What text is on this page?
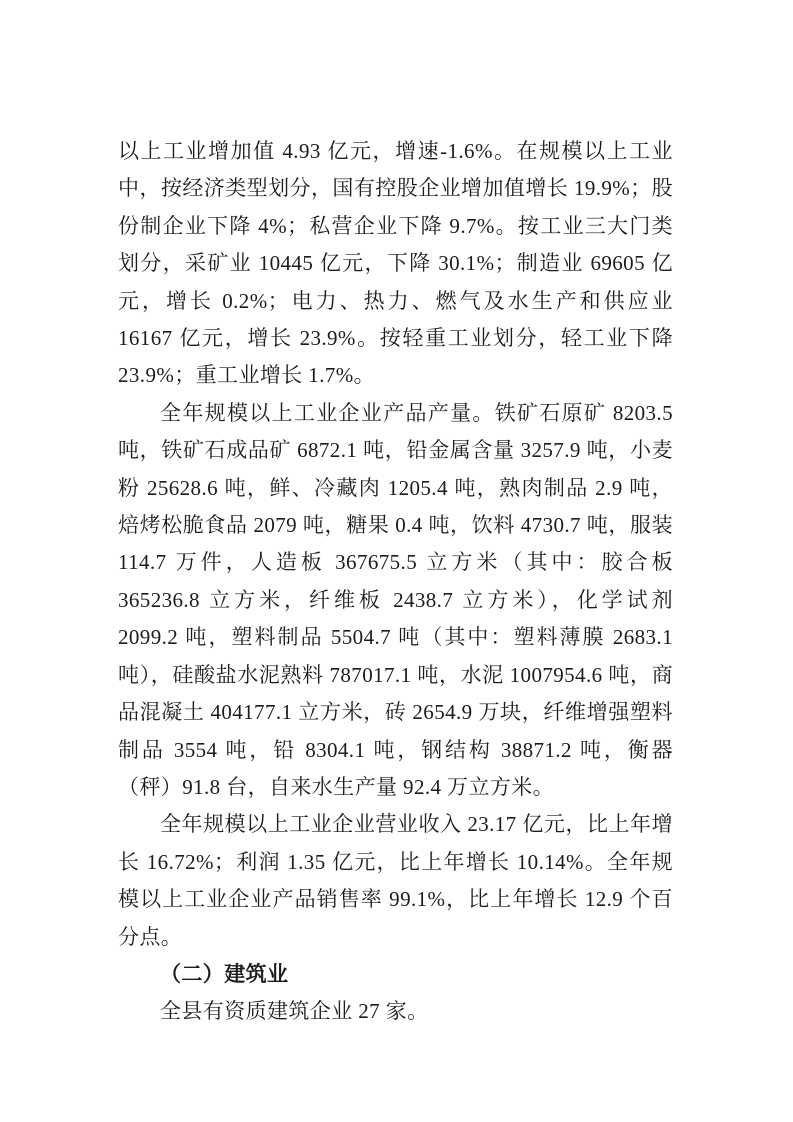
以上工业增加值 4.93 亿元，增速-1.6%。在规模以上工业中，按经济类型划分，国有控股企业增加值增长 19.9%；股份制企业下降 4%；私营企业下降 9.7%。按工业三大门类划分，采矿业 10445 亿元，下降 30.1%；制造业 69605 亿元，增长 0.2%；电力、热力、燃气及水生产和供应业 16167 亿元，增长 23.9%。按轻重工业划分，轻工业下降 23.9%；重工业增长 1.7%。

全年规模以上工业企业产品产量。铁矿石原矿 8203.5 吨，铁矿石成品矿 6872.1 吨，铅金属含量 3257.9 吨，小麦粉 25628.6 吨，鲜、冷藏肉 1205.4 吨，熟肉制品 2.9 吨，焙烤松脆食品 2079 吨，糖果 0.4 吨，饮料 4730.7 吨，服装 114.7 万件，人造板 367675.5 立方米（其中：胶合板 365236.8 立方米，纤维板 2438.7 立方米），化学试剂 2099.2 吨，塑料制品 5504.7 吨（其中：塑料薄膜 2683.1 吨），硅酸盐水泥熟料 787017.1 吨，水泥 1007954.6 吨，商品混凝土 404177.1 立方米，砖 2654.9 万块，纤维增强塑料制品 3554 吨，铅 8304.1 吨，钢结构 38871.2 吨，衡器（秤）91.8 台，自来水生产量 92.4 万立方米。

全年规模以上工业企业营业收入 23.17 亿元，比上年增长 16.72%；利润 1.35 亿元，比上年增长 10.14%。全年规模以上工业企业产品销售率 99.1%，比上年增长 12.9 个百分点。

（二）建筑业

全县有资质建筑企业 27 家。
